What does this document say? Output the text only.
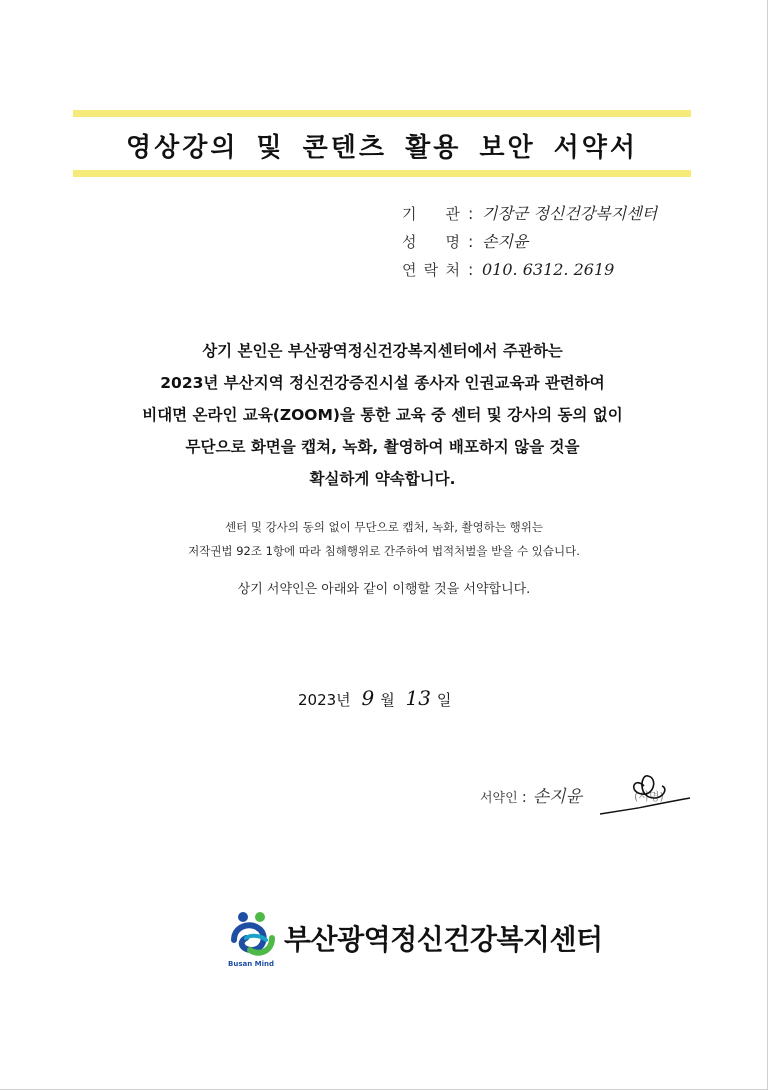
영상강의 및 콘텐츠 활용 보안 서약서
기 관 : 기장군 정신건강복지센터
성 명 : 손지윤
연 락 처 : 010. 6312. 2619

상기 본인은 부산광역정신건강복지센터에서 주관하는

2023년 부산지역 정신건강증진시설 종사자 인권교육과 관련하여

비대면 온라인 교육(ZOOM)을 통한 교육 중 센터 및 강사의 동의 없이

무단으로 화면을 캡쳐, 녹화, 촬영하여 배포하지 않을 것을

확실하게 약속합니다.

센터 및 강사의 동의 없이 무단으로 캡처, 녹화, 촬영하는 행위는

저작권법 92조 1항에 따라 침해행위로 간주하여 법적처벌을 받을 수 있습니다.

상기 서약인은 아래와 같이 이행할 것을 서약합니다.
2023년 9 월 13 일
서약인 : 손지윤	(서명)
Busan Mind
부산광역정신건강복지센터
